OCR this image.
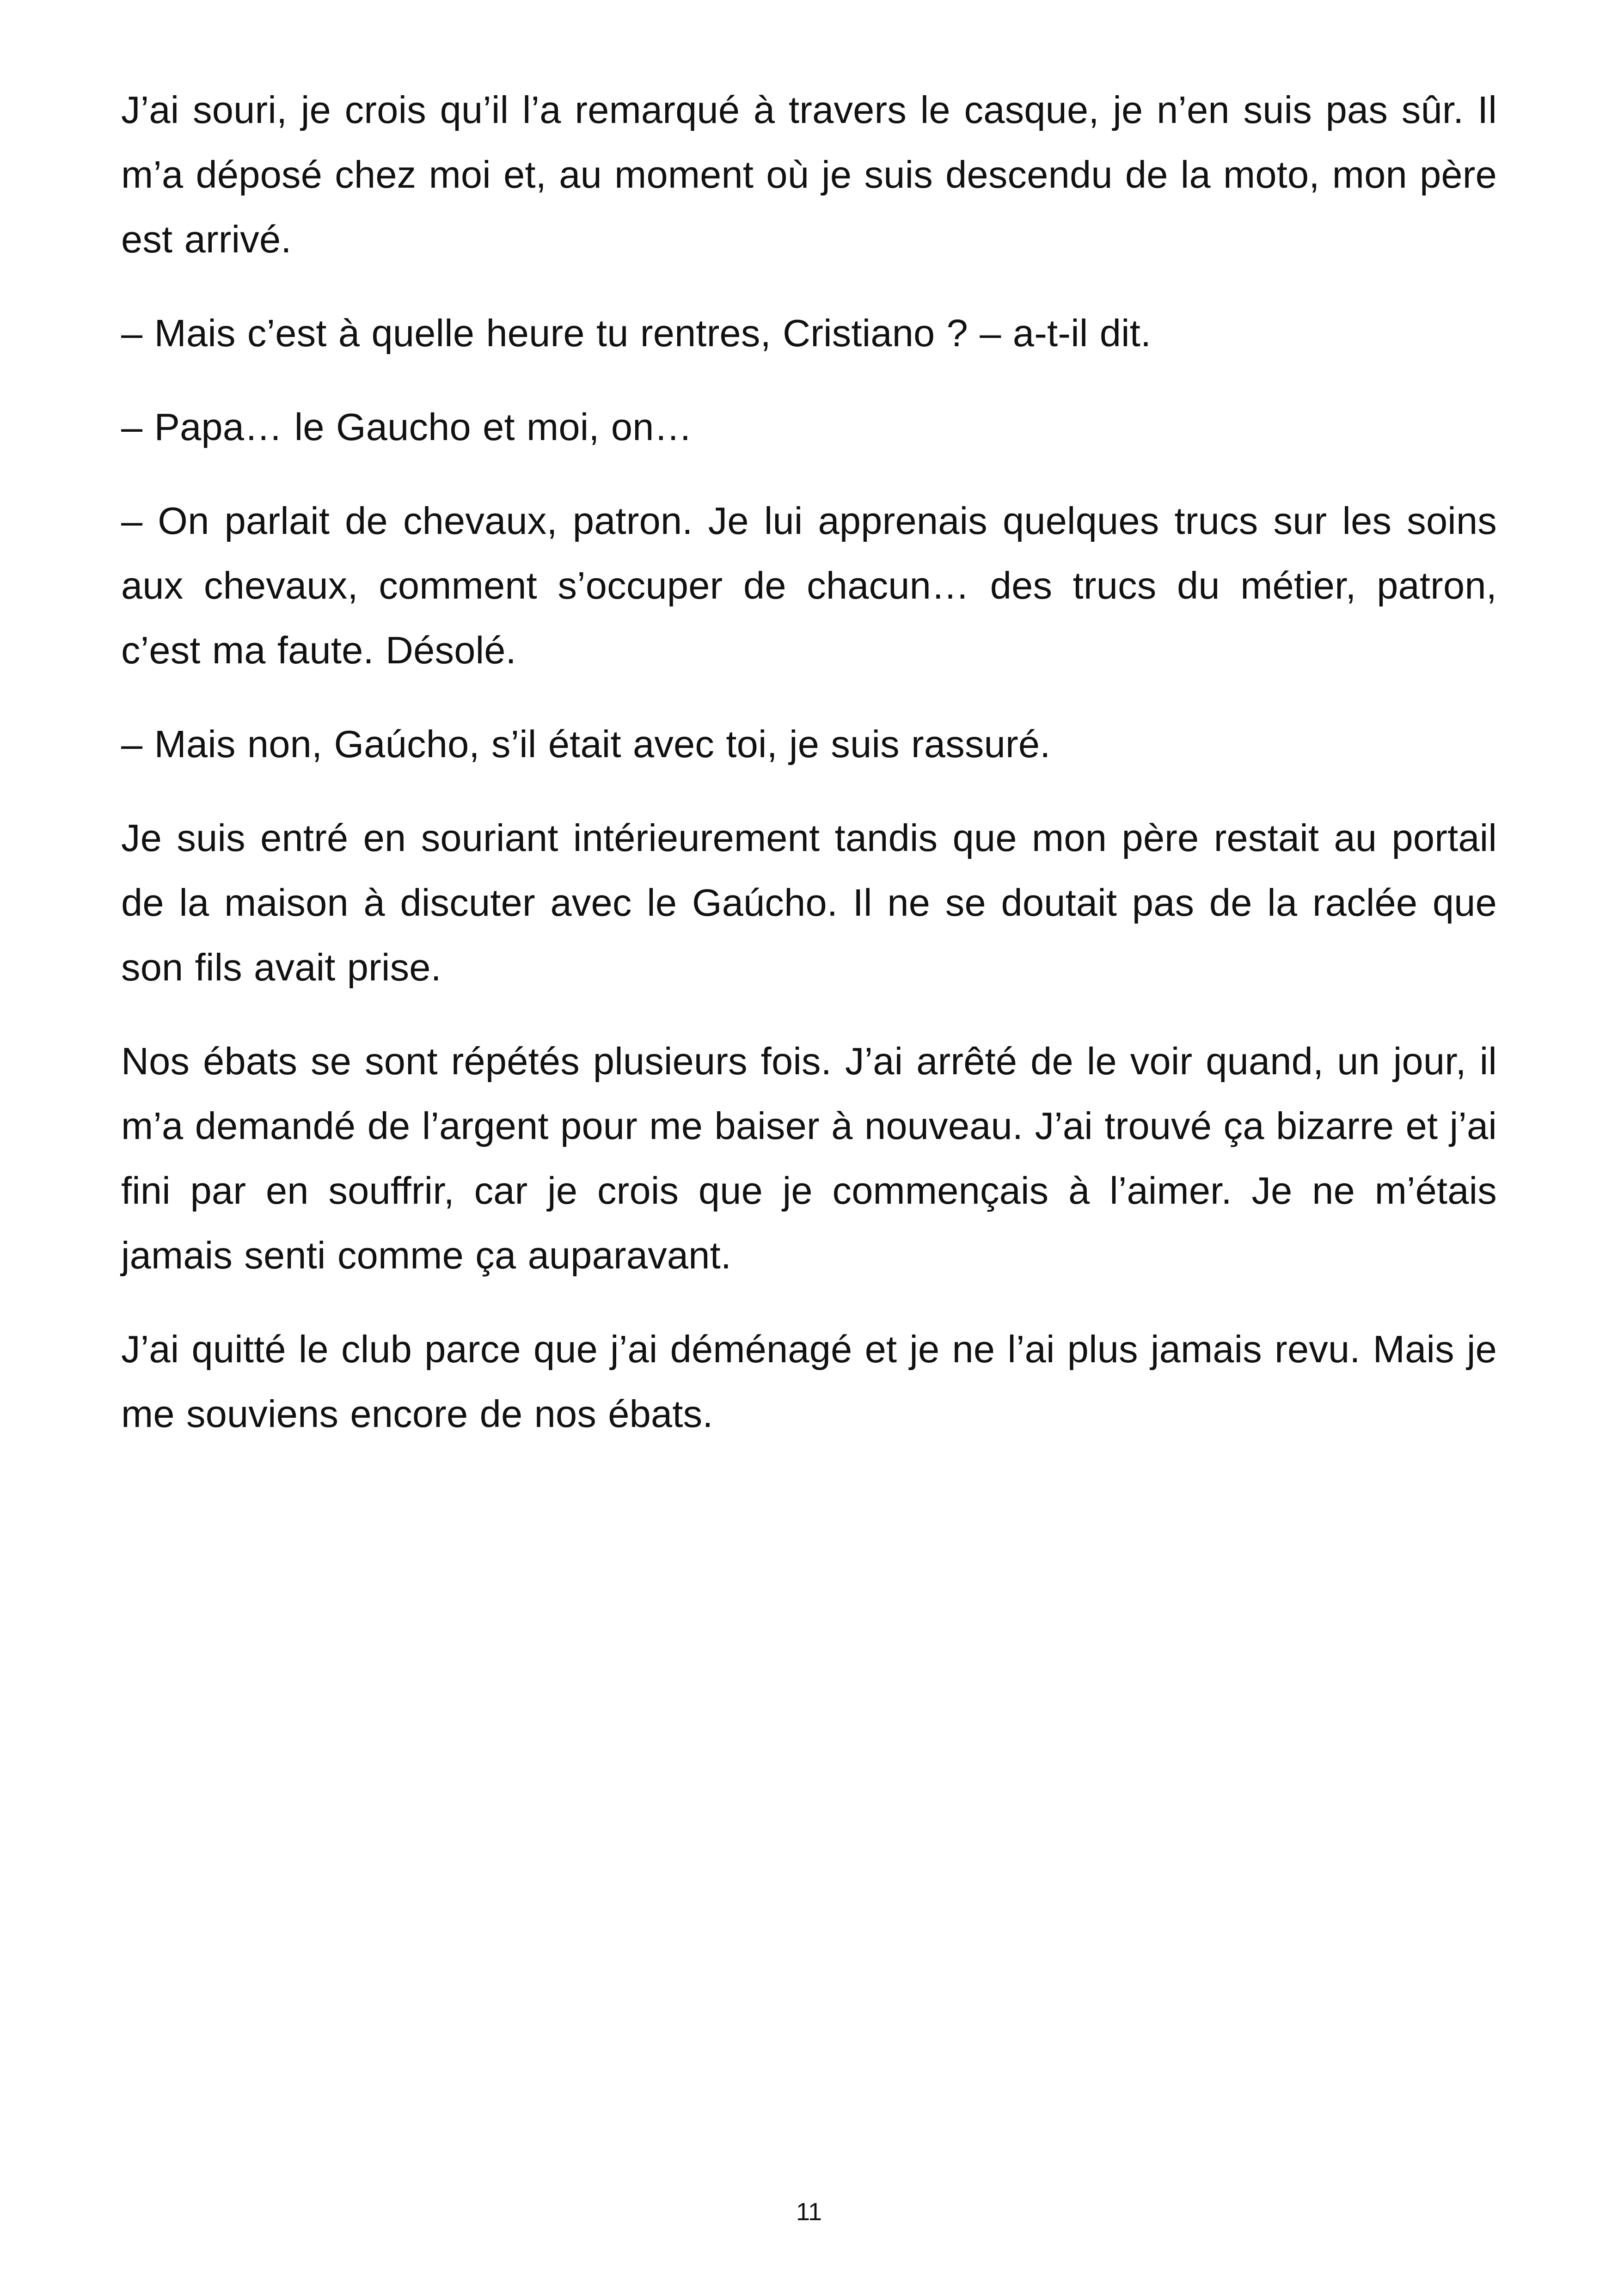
J’ai souri, je crois qu’il l’a remarqué à travers le casque, je n’en suis pas sûr. Il m’a déposé chez moi et, au moment où je suis descendu de la moto, mon père est arrivé.

– Mais c’est à quelle heure tu rentres, Cristiano ? – a-t-il dit.

– Papa… le Gaucho et moi, on…

– On parlait de chevaux, patron. Je lui apprenais quelques trucs sur les soins aux chevaux, comment s’occuper de chacun… des trucs du métier, patron, c’est ma faute. Désolé.

– Mais non, Gaúcho, s’il était avec toi, je suis rassuré.

Je suis entré en souriant intérieurement tandis que mon père restait au portail de la maison à discuter avec le Gaúcho. Il ne se doutait pas de la raclée que son fils avait prise.

Nos ébats se sont répétés plusieurs fois. J’ai arrêté de le voir quand, un jour, il m’a demandé de l’argent pour me baiser à nouveau. J’ai trouvé ça bizarre et j’ai fini par en souffrir, car je crois que je commençais à l’aimer. Je ne m’étais jamais senti comme ça auparavant.

J’ai quitté le club parce que j’ai déménagé et je ne l’ai plus jamais revu. Mais je me souviens encore de nos ébats.

11
